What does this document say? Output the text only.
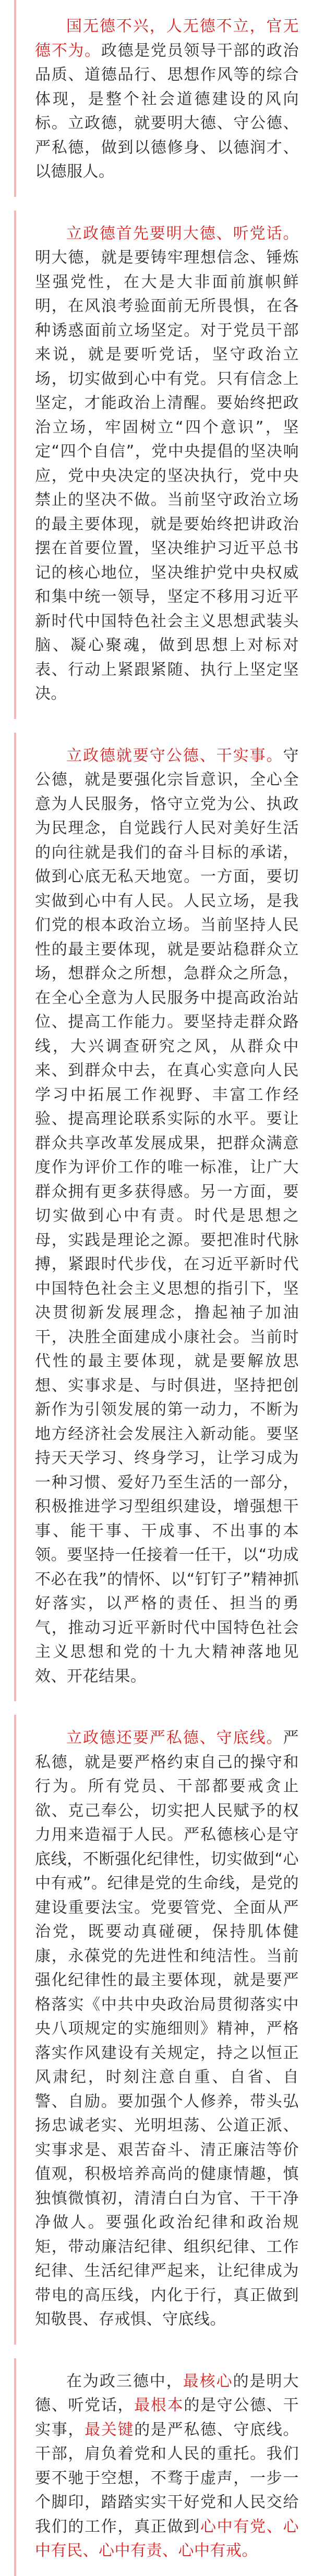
国无德不兴，人无德不立，官无德不为。政德是党员领导干部的政治品质、道德品行、思想作风等的综合体现，是整个社会道德建设的风向标。立政德，就要明大德、守公德、严私德，做到以德修身、以德润才、以德服人。

立政德首先要明大德、听党话。明大德，就是要铸牢理想信念、锤炼坚强党性，在大是大非面前旗帜鲜明，在风浪考验面前无所畏惧，在各种诱惑面前立场坚定。对于党员干部来说，就是要听党话，坚守政治立场，切实做到心中有党。只有信念上坚定，才能政治上清醒。要始终把政治立场，牢固树立“四个意识”，坚定“四个自信”，党中央提倡的坚决响应，党中央决定的坚决执行，党中央禁止的坚决不做。当前坚守政治立场的最主要体现，就是要始终把讲政治摆在首要位置，坚决维护习近平总书记的核心地位，坚决维护党中央权威和集中统一领导，坚定不移用习近平新时代中国特色社会主义思想武装头脑、凝心聚魂，做到思想上对标对表、行动上紧跟紧随、执行上坚定坚决。

立政德就要守公德、干实事。守公德，就是要强化宗旨意识，全心全意为人民服务，恪守立党为公、执政为民理念，自觉践行人民对美好生活的向往就是我们的奋斗目标的承诺，做到心底无私天地宽。一方面，要切实做到心中有人民。人民立场，是我们党的根本政治立场。当前坚持人民性的最主要体现，就是要站稳群众立场，想群众之所想，急群众之所急，在全心全意为人民服务中提高政治站位、提高工作能力。要坚持走群众路线，大兴调查研究之风，从群众中来、到群众中去，在真心实意向人民学习中拓展工作视野、丰富工作经验、提高理论联系实际的水平。要让群众共享改革发展成果，把群众满意度作为评价工作的唯一标准，让广大群众拥有更多获得感。另一方面，要切实做到心中有责。时代是思想之母，实践是理论之源。要把准时代脉搏，紧跟时代步伐，在习近平新时代中国特色社会主义思想的指引下，坚决贯彻新发展理念，撸起袖子加油干，决胜全面建成小康社会。当前时代性的最主要体现，就是要解放思想、实事求是、与时俱进，坚持把创新作为引领发展的第一动力，不断为地方经济社会发展注入新动能。要坚持天天学习、终身学习，让学习成为一种习惯、爱好乃至生活的一部分，积极推进学习型组织建设，增强想干事、能干事、干成事、不出事的本领。要坚持一任接着一任干，以“功成不必在我”的情怀、以“钉钉子”精神抓好落实，以严格的责任、担当的勇气，推动习近平新时代中国特色社会主义思想和党的十九大精神落地见效、开花结果。

立政德还要严私德、守底线。严私德，就是要严格约束自己的操守和行为。所有党员、干部都要戒贪止欲、克己奉公，切实把人民赋予的权力用来造福于人民。严私德核心是守底线，不断强化纪律性，切实做到“心中有戒”。纪律是党的生命线，是党的建设重要法宝。党要管党、全面从严治党，既要动真碰硬，保持肌体健康，永葆党的先进性和纯洁性。当前强化纪律性的最主要体现，就是要严格落实《中共中央政治局贯彻落实中央八项规定的实施细则》精神，严格落实作风建设有关规定，持之以恒正风肃纪，时刻注意自重、自省、自警、自励。要加强个人修养，带头弘扬忠诚老实、光明坦荡、公道正派、实事求是、艰苦奋斗、清正廉洁等价值观，积极培养高尚的健康情趣，慎独慎微慎初，清清白白为官、干干净净做人。要强化政治纪律和政治规矩，带动廉洁纪律、组织纪律、工作纪律、生活纪律严起来，让纪律成为带电的高压线，内化于行，真正做到知敬畏、存戒惧、守底线。

在为政三德中，最核心的是明大德、听党话，最根本的是守公德、干实事，最关键的是严私德、守底线。干部，肩负着党和人民的重托。我们要不驰于空想，不骛于虚声，一步一个脚印，踏踏实实干好党和人民交给我们的工作，真正做到心中有党、心中有民、心中有责、心中有戒。
